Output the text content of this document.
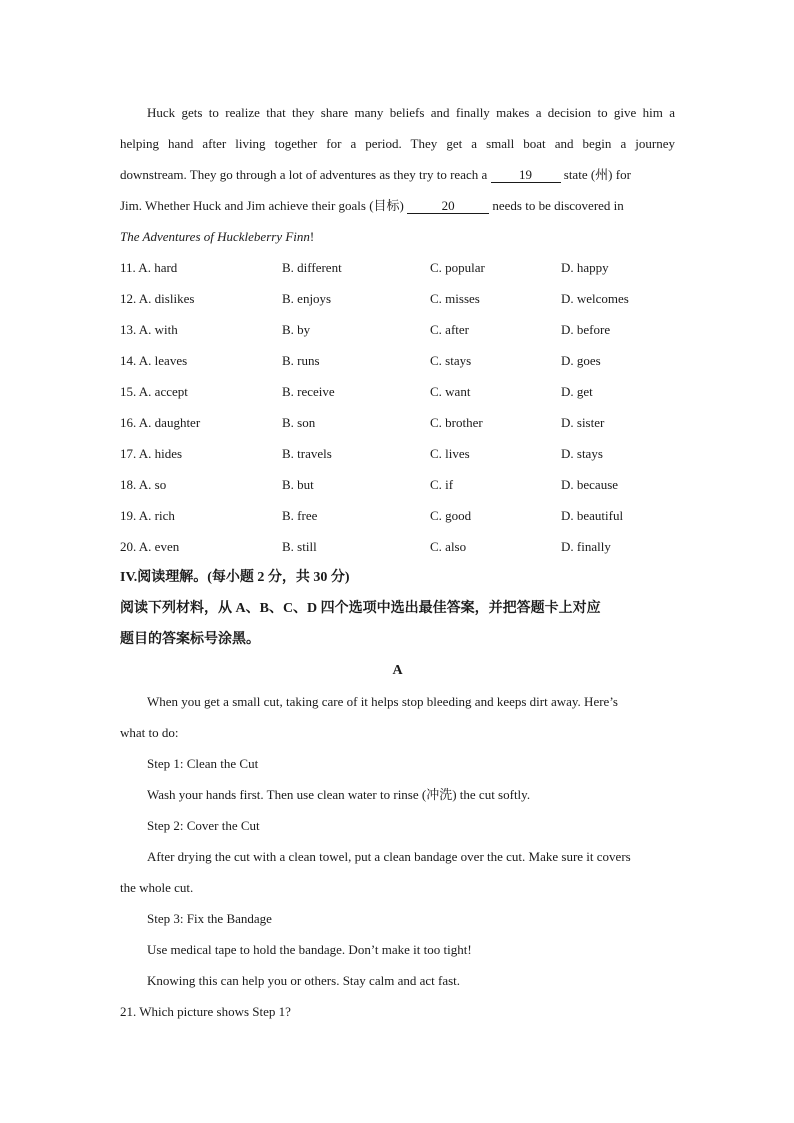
Huck gets to realize that they share many beliefs and finally makes a decision to give him a
helping hand after living together for a period. They get a small boat and begin a journey
downstream. They go through a lot of adventures as they try to reach a 19 state (州) for
Jim. Whether Huck and Jim achieve their goals (目标)	20	needs to be discovered in
The Adventures of Huckleberry Finn!
11. A. hard	B. different	C. popular	D. happy
12. A. dislikes	B. enjoys	C. misses	D. welcomes
13. A. with	B. by	C. after	D. before
14. A. leaves	B. runs	C. stays	D. goes
15. A. accept	B. receive	C. want	D. get
16. A. daughter	B. son	C. brother	D. sister
17. A. hides	B. travels	C. lives	D. stays
18. A. so	B. but	C. if	D. because
19. A. rich	B. free	C. good	D. beautiful
20. A. even	B. still	C. also	D. finally
IV.阅读理解。(每小题 2 分，共 30 分)
阅读下列材料，从 A、B、C、D 四个选项中选出最佳答案，并把答题卡上对应
题目的答案标号涂黑。
A
When you get a small cut, taking care of it helps stop bleeding and keeps dirt away. Here’s
what to do:
Step 1: Clean the Cut
Wash your hands first. Then use clean water to rinse (冲洗) the cut softly.
Step 2: Cover the Cut
After drying the cut with a clean towel, put a clean bandage over the cut. Make sure it covers
the whole cut.
Step 3: Fix the Bandage
Use medical tape to hold the bandage. Don’t make it too tight!
Knowing this can help you or others. Stay calm and act fast.
21. Which picture shows Step 1?
